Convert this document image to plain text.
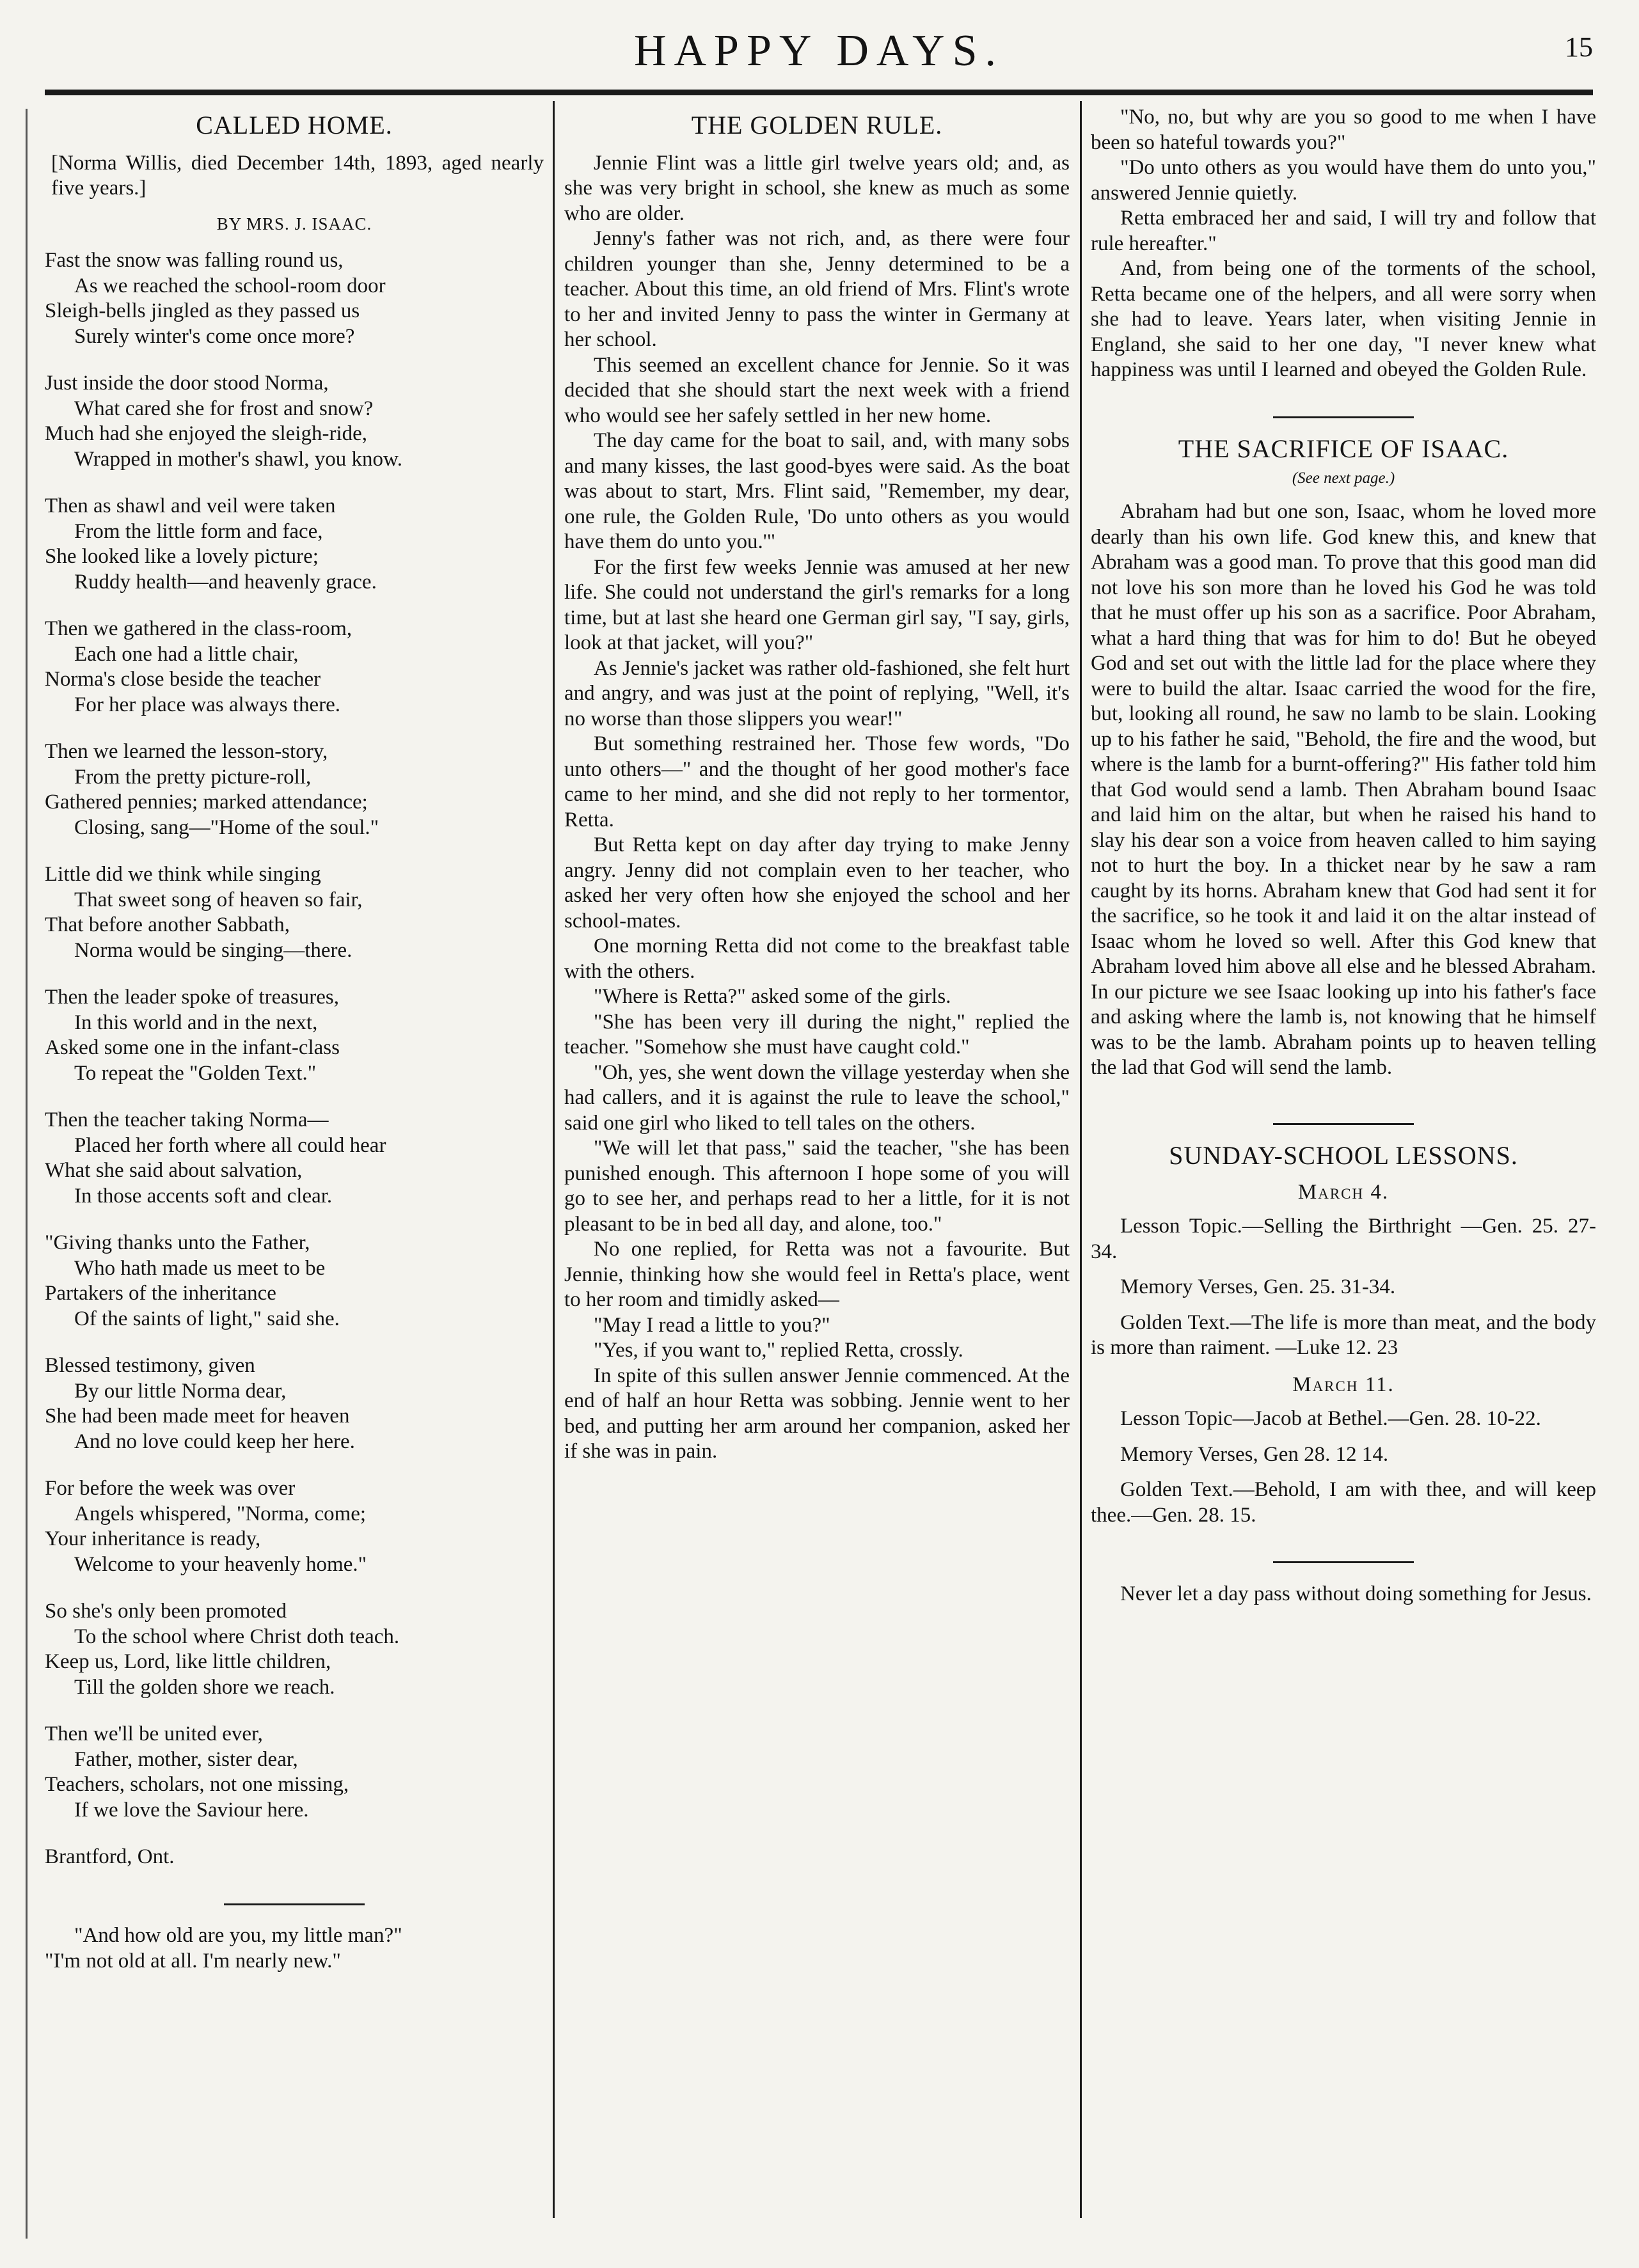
HAPPY DAYS.	15
CALLED HOME.
[Norma Willis, died December 14th, 1893, aged nearly five years.]
BY MRS. J. ISAAC.
Fast the snow was falling round us,
As we reached the school-room door
Sleigh-bells jingled as they passed us
Surely winter's come once more?
Just inside the door stood Norma,
What cared she for frost and snow?
Much had she enjoyed the sleigh-ride,
Wrapped in mother's shawl, you know.
Then as shawl and veil were taken
From the little form and face,
She looked like a lovely picture;
Ruddy health—and heavenly grace.
Then we gathered in the class-room,
Each one had a little chair,
Norma's close beside the teacher
For her place was always there.
Then we learned the lesson-story,
From the pretty picture-roll,
Gathered pennies; marked attendance;
Closing, sang—"Home of the soul."
Little did we think while singing
That sweet song of heaven so fair,
That before another Sabbath,
Norma would be singing—there.
Then the leader spoke of treasures,
In this world and in the next,
Asked some one in the infant-class
To repeat the "Golden Text."
Then the teacher taking Norma—
Placed her forth where all could hear
What she said about salvation,
In those accents soft and clear.
"Giving thanks unto the Father,
Who hath made us meet to be
Partakers of the inheritance
Of the saints of light," said she.
Blessed testimony, given
By our little Norma dear,
She had been made meet for heaven
And no love could keep her here.
For before the week was over
Angels whispered, "Norma, come;
Your inheritance is ready,
Welcome to your heavenly home."
So she's only been promoted
To the school where Christ doth teach.
Keep us, Lord, like little children,
Till the golden shore we reach.
Then we'll be united ever,
Father, mother, sister dear,
Teachers, scholars, not one missing,
If we love the Saviour here.
Brantford, Ont.
"And how old are you, my little man?"
"I'm not old at all. I'm nearly new."
THE GOLDEN RULE.

Jennie Flint was a little girl twelve years old; and, as she was very bright in school, she knew as much as some who are older.

Jenny's father was not rich, and, as there were four children younger than she, Jenny determined to be a teacher. About this time, an old friend of Mrs. Flint's wrote to her and invited Jenny to pass the winter in Germany at her school.

This seemed an excellent chance for Jennie. So it was decided that she should start the next week with a friend who would see her safely settled in her new home.

The day came for the boat to sail, and, with many sobs and many kisses, the last good-byes were said. As the boat was about to start, Mrs. Flint said, "Remember, my dear, one rule, the Golden Rule, 'Do unto others as you would have them do unto you.'"

For the first few weeks Jennie was amused at her new life. She could not understand the girl's remarks for a long time, but at last she heard one German girl say, "I say, girls, look at that jacket, will you?"

As Jennie's jacket was rather old-fashioned, she felt hurt and angry, and was just at the point of replying, "Well, it's no worse than those slippers you wear!"

But something restrained her. Those few words, "Do unto others—" and the thought of her good mother's face came to her mind, and she did not reply to her tormentor, Retta.

But Retta kept on day after day trying to make Jenny angry. Jenny did not complain even to her teacher, who asked her very often how she enjoyed the school and her school-mates.

One morning Retta did not come to the breakfast table with the others.

"Where is Retta?" asked some of the girls.

"She has been very ill during the night," replied the teacher. "Somehow she must have caught cold."

"Oh, yes, she went down the village yesterday when she had callers, and it is against the rule to leave the school," said one girl who liked to tell tales on the others.

"We will let that pass," said the teacher, "she has been punished enough. This afternoon I hope some of you will go to see her, and perhaps read to her a little, for it is not pleasant to be in bed all day, and alone, too."

No one replied, for Retta was not a favourite. But Jennie, thinking how she would feel in Retta's place, went to her room and timidly asked—

"May I read a little to you?"

"Yes, if you want to," replied Retta, crossly.

In spite of this sullen answer Jennie commenced. At the end of half an hour Retta was sobbing. Jennie went to her bed, and putting her arm around her companion, asked her if she was in pain.

"No, no, but why are you so good to me when I have been so hateful towards you?"

"Do unto others as you would have them do unto you," answered Jennie quietly.

Retta embraced her and said, I will try and follow that rule hereafter."

And, from being one of the torments of the school, Retta became one of the helpers, and all were sorry when she had to leave. Years later, when visiting Jennie in England, she said to her one day, "I never knew what happiness was until I learned and obeyed the Golden Rule.

THE SACRIFICE OF ISAAC.
(See next page.)

Abraham had but one son, Isaac, whom he loved more dearly than his own life. God knew this, and knew that Abraham was a good man. To prove that this good man did not love his son more than he loved his God he was told that he must offer up his son as a sacrifice. Poor Abraham, what a hard thing that was for him to do! But he obeyed God and set out with the little lad for the place where they were to build the altar. Isaac carried the wood for the fire, but, looking all round, he saw no lamb to be slain. Looking up to his father he said, "Behold, the fire and the wood, but where is the lamb for a burnt-offering?" His father told him that God would send a lamb. Then Abraham bound Isaac and laid him on the altar, but when he raised his hand to slay his dear son a voice from heaven called to him saying not to hurt the boy. In a thicket near by he saw a ram caught by its horns. Abraham knew that God had sent it for the sacrifice, so he took it and laid it on the altar instead of Isaac whom he loved so well. After this God knew that Abraham loved him above all else and he blessed Abraham. In our picture we see Isaac looking up into his father's face and asking where the lamb is, not knowing that he himself was to be the lamb. Abraham points up to heaven telling the lad that God will send the lamb.

SUNDAY-SCHOOL LESSONS.
March 4.

Lesson Topic.—Selling the Birthright —Gen. 25. 27-34.

Memory Verses, Gen. 25. 31-34.

Golden Text.—The life is more than meat, and the body is more than raiment. —Luke 12. 23

March 11.

Lesson Topic—Jacob at Bethel.—Gen. 28. 10-22.

Memory Verses, Gen 28. 12 14.

Golden Text.—Behold, I am with thee, and will keep thee.—Gen. 28. 15.

Never let a day pass without doing something for Jesus.
